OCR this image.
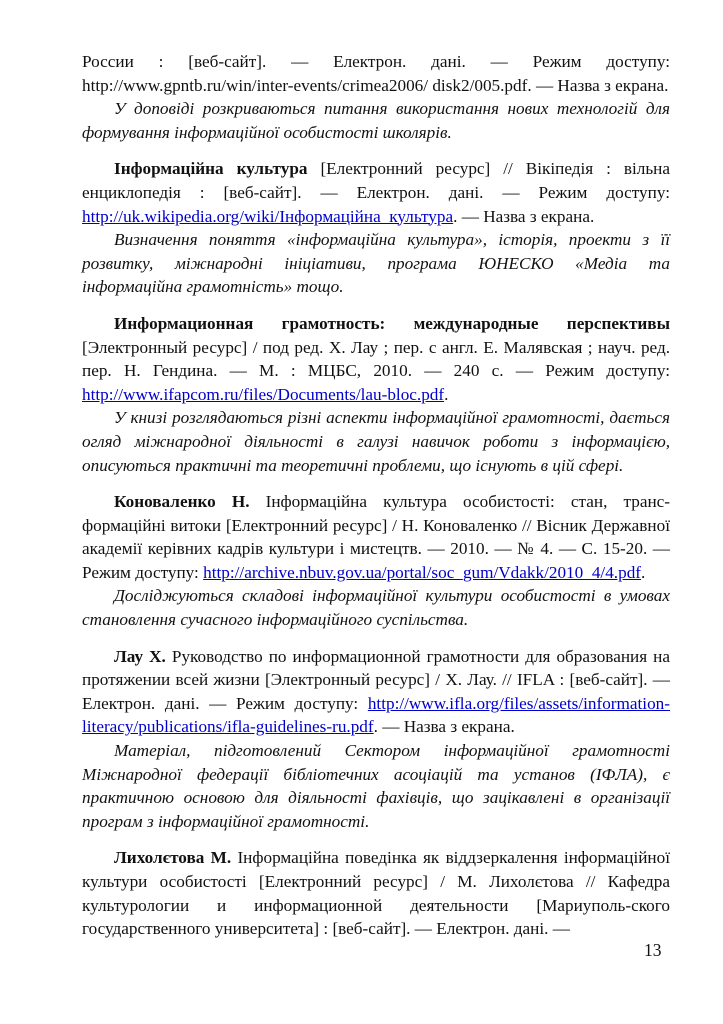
России : [веб-сайт]. — Електрон. дані. — Режим доступу: http://www.gpntb.ru/win/inter-events/crimea2006/ disk2/005.pdf. — Назва з екрана.

У доповіді розкриваються питання використання нових технологій для формування інформаційної особистості школярів.

Інформаційна культура [Електронний ресурс] // Вікіпедія : вільна енциклопедія : [веб-сайт]. — Електрон. дані. — Режим доступу: http://uk.wikipedia.org/wiki/Інформаційна_культура. — Назва з екрана.

Визначення поняття «інформаційна культура», історія, проекти з її розвитку, міжнародні ініціативи, програма ЮНЕСКО «Медіа та інформаційна грамотність» тощо.

Информационная грамотность: международные перспективы [Электронный ресурс] / под ред. Х. Лау ; пер. с англ. Е. Малявская ; науч. ред. пер. Н. Гендина. — М. : МЦБС, 2010. — 240 с. — Режим доступу: http://www.ifapcom.ru/files/Documents/lau-bloc.pdf.

У книзі розглядаються різні аспекти інформаційної грамотності, дається огляд міжнародної діяльності в галузі навичок роботи з інформацією, описуються практичні та теоретичні проблеми, що існують в цій сфері.

Коноваленко Н. Інформаційна культура особистості: стан, транс-формаційні витоки [Електронний ресурс] / Н. Коноваленко // Вісник Державної академії керівних кадрів культури і мистецтв. — 2010. — № 4. — С. 15-20. — Режим доступу: http://archive.nbuv.gov.ua/portal/soc_gum/Vdakk/2010_4/4.pdf.

Досліджуються складові інформаційної культури особистості в умовах становлення сучасного інформаційного суспільства.

Лау Х. Руководство по информационной грамотности для образования на протяжении всей жизни [Электронный ресурс] / Х. Лау. // IFLA : [веб-сайт]. — Електрон. дані. — Режим доступу: http://www.ifla.org/files/assets/information-literacy/publications/ifla-guidelines-ru.pdf. — Назва з екрана.

Матеріал, підготовлений Сектором інформаційної грамотності Міжнародної федерації бібліотечних асоціацій та установ (ІФЛА), є практичною основою для діяльності фахівців, що зацікавлені в організації програм з інформаційної грамотності.

Лихолєтова М. Інформаційна поведінка як віддзеркалення інформаційної культури особистості [Електронний ресурс] / М. Лихолєтова // Кафедра культурологии и информационной деятельности [Мариуполь-ского государственного университета] : [веб-сайт]. — Електрон. дані. —

13
